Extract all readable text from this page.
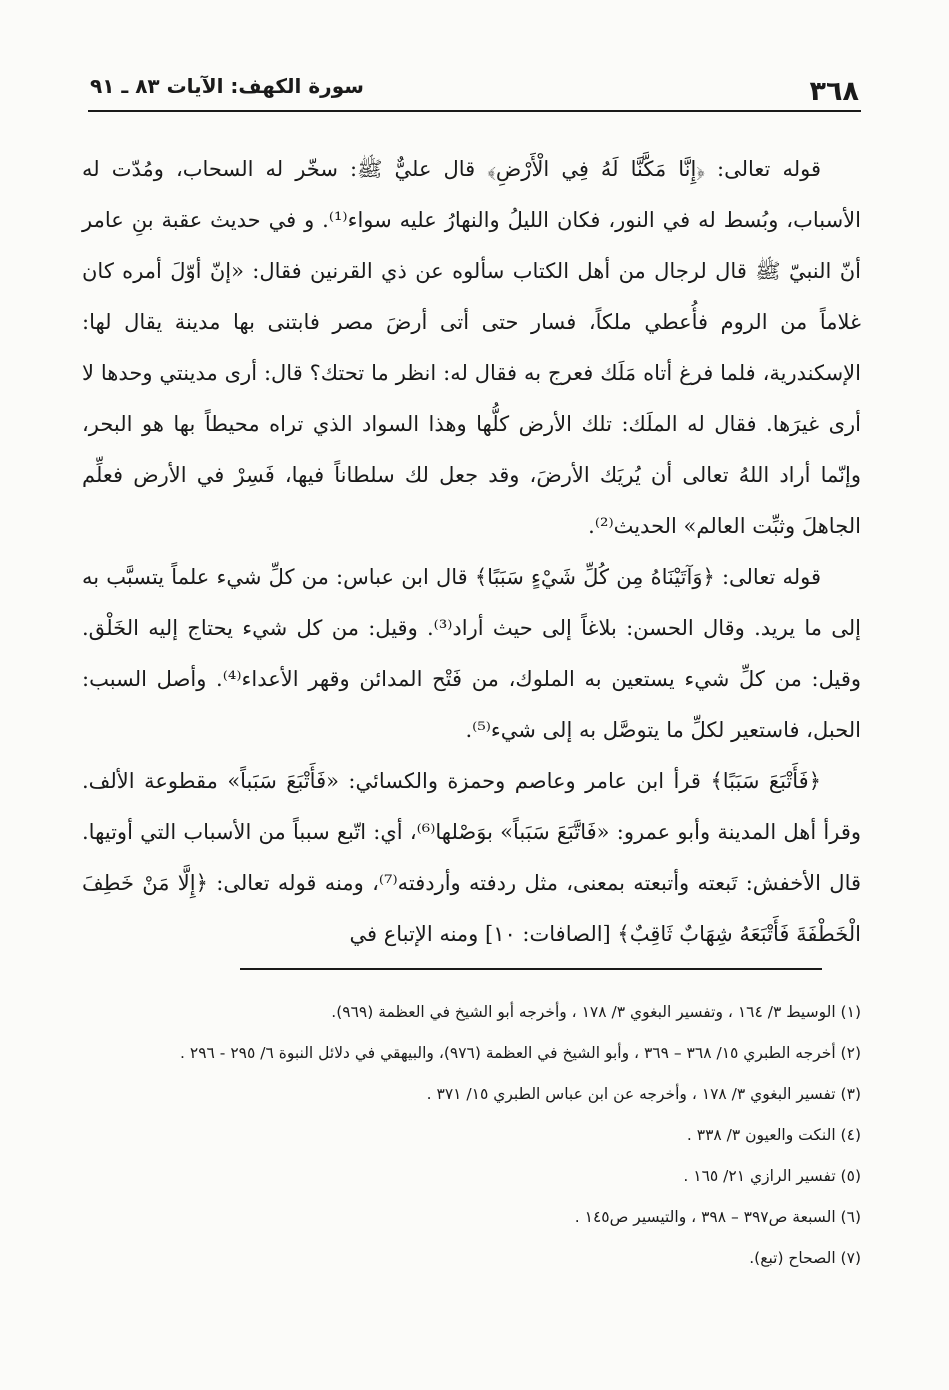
٣٦٨
سورة الكهف: الآيات ٨٣ ـ ٩١

قوله تعالى: ﴿إِنَّا مَكَّنَّا لَهُ فِي الْأَرْضِ﴾ قال عليٌّ ﷺ: سخّر له السحاب، ومُدّت له الأسباب، وبُسط له في النور، فكان الليلُ والنهارُ عليه سواء⁽¹⁾. و في حديث عقبة بنِ عامر أنّ النبيّ ﷺ قال لرجال من أهل الكتاب سألوه عن ذي القرنين فقال: «إنّ أوّلَ أمره كان غلاماً من الروم فأُعطي ملكاً، فسار حتى أتى أرضَ مصر فابتنى بها مدينة يقال لها: الإسكندرية، فلما فرغ أتاه مَلَك فعرج به فقال له: انظر ما تحتك؟ قال: أرى مدينتي وحدها لا أرى غيرَها. فقال له الملَك: تلك الأرض كلُّها وهذا السواد الذي تراه محيطاً بها هو البحر، وإنّما أراد اللهُ تعالى أن يُريَك الأرضَ، وقد جعل لك سلطاناً فيها، فَسِرْ في الأرض فعلِّم الجاهلَ وثبِّت العالم» الحديث⁽²⁾.

قوله تعالى: ﴿وَآتَيْنَاهُ مِن كُلِّ شَيْءٍ سَبَبًا﴾ قال ابن عباس: من كلِّ شيء علماً يتسبَّب به إلى ما يريد. وقال الحسن: بلاغاً إلى حيث أراد⁽³⁾. وقيل: من كل شيء يحتاج إليه الخَلْق. وقيل: من كلِّ شيء يستعين به الملوك، من فَتْح المدائن وقهر الأعداء⁽⁴⁾. وأصل السبب: الحبل، فاستعير لكلِّ ما يتوصَّل به إلى شيء⁽⁵⁾.

﴿فَأَتْبَعَ سَبَبًا﴾ قرأ ابن عامر وعاصم وحمزة والكسائي: «فَأَتْبَعَ سَبَباً» مقطوعة الألف. وقرأ أهل المدينة وأبو عمرو: «فَاتَّبَعَ سَبَباً» بوَصْلها⁽⁶⁾، أي: اتّبع سبباً من الأسباب التي أوتيها. قال الأخفش: تَبعته وأتبعته بمعنى، مثل ردفته وأردفته⁽⁷⁾، ومنه قوله تعالى: ﴿إِلَّا مَنْ خَطِفَ الْخَطْفَةَ فَأَتْبَعَهُ شِهَابٌ ثَاقِبٌ﴾ [الصافات: ١٠] ومنه الإتباع في

(١) الوسيط ٣/ ١٦٤ ، وتفسير البغوي ٣/ ١٧٨ ، وأخرجه أبو الشيخ في العظمة (٩٦٩).
(٢) أخرجه الطبري ١٥/ ٣٦٨ – ٣٦٩ ، وأبو الشيخ في العظمة (٩٧٦)، والبيهقي في دلائل النبوة ٦/ ٢٩٥ - ٢٩٦ .
(٣) تفسير البغوي ٣/ ١٧٨ ، وأخرجه عن ابن عباس الطبري ١٥/ ٣٧١ .
(٤) النكت والعيون ٣/ ٣٣٨ .
(٥) تفسير الرازي ٢١/ ١٦٥ .
(٦) السبعة ص٣٩٧ – ٣٩٨ ، والتيسير ص١٤٥ .
(٧) الصحاح (تبع).
